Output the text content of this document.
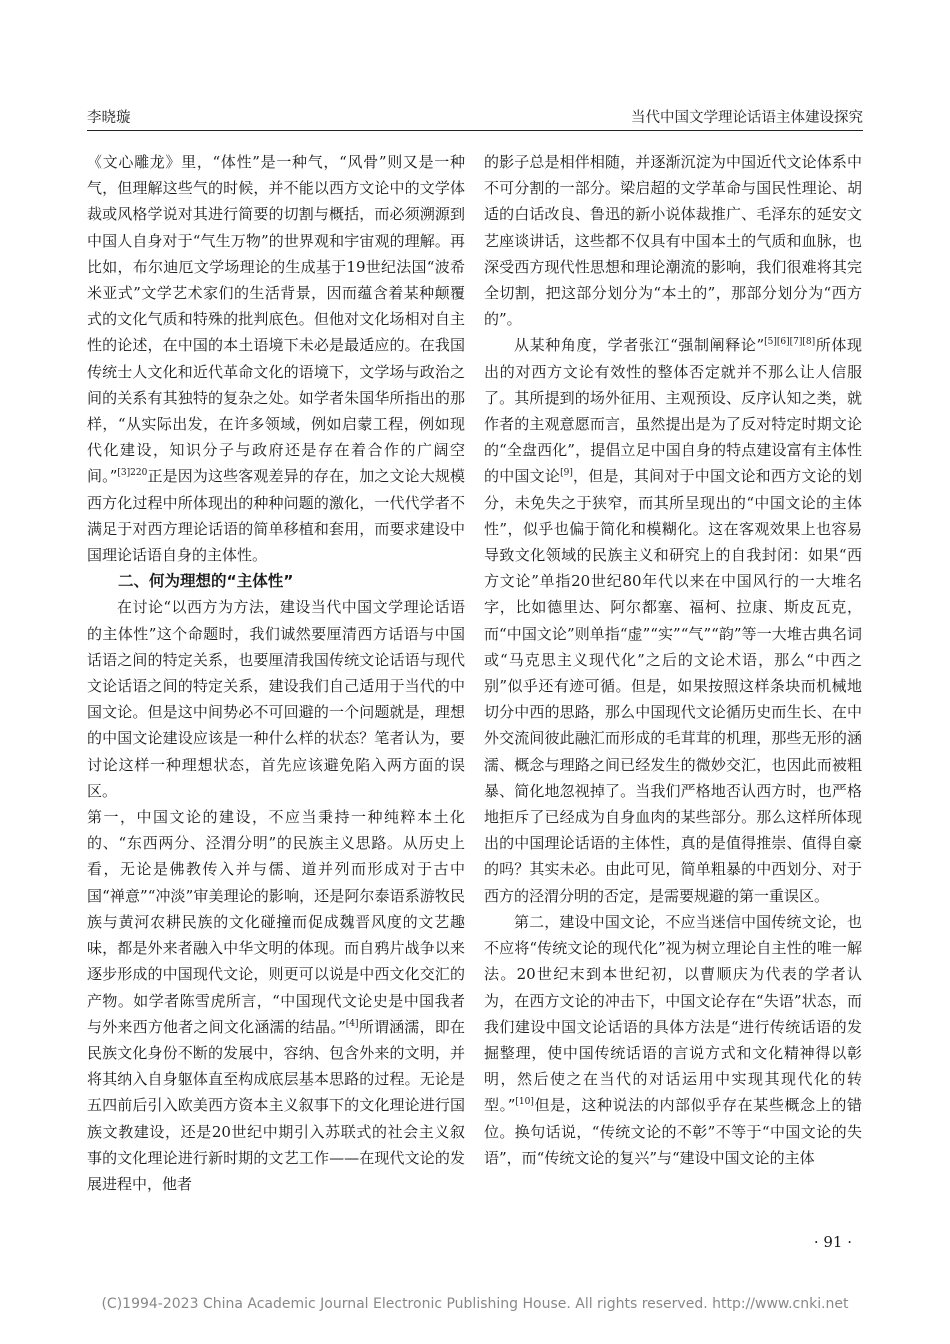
李晓璇	当代中国文学理论话语主体建设探究

《文心雕龙》里，“体性”是一种气，“风骨”则又是一种气，但理解这些气的时候，并不能以西方文论中的文学体裁或风格学说对其进行简要的切割与概括，而必须溯源到中国人自身对于“气生万物”的世界观和宇宙观的理解。再比如，布尔迪厄文学场理论的生成基于19世纪法国“波希米亚式”文学艺术家们的生活背景，因而蕴含着某种颠覆式的文化气质和特殊的批判底色。但他对文化场相对自主性的论述，在中国的本土语境下未必是最适应的。在我国传统士人文化和近代革命文化的语境下，文学场与政治之间的关系有其独特的复杂之处。如学者朱国华所指出的那样，“从实际出发，在许多领域，例如启蒙工程，例如现代化建设，知识分子与政府还是存在着合作的广阔空间。”$^{[3]220}$正是因为这些客观差异的存在，加之文论大规模西方化过程中所体现出的种种问题的激化，一代代学者不满足于对西方理论话语的简单移植和套用，而要求建设中国理论话语自身的主体性。

二、何为理想的“主体性”

在讨论“以西方为方法，建设当代中国文学理论话语的主体性”这个命题时，我们诚然要厘清西方话语与中国话语之间的特定关系，也要厘清我国传统文论话语与现代文论话语之间的特定关系，建设我们自己适用于当代的中国文论。但是这中间势必不可回避的一个问题就是，理想的中国文论建设应该是一种什么样的状态？笔者认为，要讨论这样一种理想状态，首先应该避免陷入两方面的误区。

第一，中国文论的建设，不应当秉持一种纯粹本土化的、“东西两分、泾渭分明”的民族主义思路。从历史上看，无论是佛教传入并与儒、道并列而形成对于古中国“禅意”“冲淡”审美理论的影响，还是阿尔泰语系游牧民族与黄河农耕民族的文化碰撞而促成魏晋风度的文艺趣味，都是外来者融入中华文明的体现。而自鸦片战争以来逐步形成的中国现代文论，则更可以说是中西文化交汇的产物。如学者陈雪虎所言，“中国现代文论史是中国我者与外来西方他者之间文化涵濡的结晶。”[4]所谓涵濡，即在民族文化身份不断的发展中，容纳、包含外来的文明，并将其纳入自身躯体直至构成底层基本思路的过程。无论是五四前后引入欧美西方资本主义叙事下的文化理论进行国族文教建设，还是20世纪中期引入苏联式的社会主义叙事的文化理论进行新时期的文艺工作——在现代文论的发展进程中，他者

的影子总是相伴相随，并逐渐沉淀为中国近代文论体系中不可分割的一部分。梁启超的文学革命与国民性理论、胡适的白话改良、鲁迅的新小说体裁推广、毛泽东的延安文艺座谈讲话，这些都不仅具有中国本土的气质和血脉，也深受西方现代性思想和理论潮流的影响，我们很难将其完全切割，把这部分划分为“本土的”，那部分划分为“西方的”。

从某种角度，学者张江“强制阐释论”[5][6][7][8]所体现出的对西方文论有效性的整体否定就并不那么让人信服了。其所提到的场外征用、主观预设、反序认知之类，就作者的主观意愿而言，虽然提出是为了反对特定时期文论的“全盘西化”，提倡立足中国自身的特点建设富有主体性的中国文论[9]，但是，其间对于中国文论和西方文论的划分，未免失之于狭窄，而其所呈现出的“中国文论的主体性”，似乎也偏于简化和模糊化。这在客观效果上也容易导致文化领域的民族主义和研究上的自我封闭：如果“西方文论”单指20世纪80年代以来在中国风行的一大堆名字，比如德里达、阿尔都塞、福柯、拉康、斯皮瓦克，而“中国文论”则单指“虚”“实”“气”“韵”等一大堆古典名词或“马克思主义现代化”之后的文论术语，那么“中西之别”似乎还有迹可循。但是，如果按照这样条块而机械地切分中西的思路，那么中国现代文论循历史而生长、在中外交流间彼此融汇而形成的毛茸茸的机理，那些无形的涵濡、概念与理路之间已经发生的微妙交汇，也因此而被粗暴、简化地忽视掉了。当我们严格地否认西方时，也严格地拒斥了已经成为自身血肉的某些部分。那么这样所体现出的中国理论话语的主体性，真的是值得推崇、值得自豪的吗？其实未必。由此可见，简单粗暴的中西划分、对于西方的泾渭分明的否定，是需要规避的第一重误区。

第二，建设中国文论，不应当迷信中国传统文论，也不应将“传统文论的现代化”视为树立理论自主性的唯一解法。20世纪末到本世纪初，以曹顺庆为代表的学者认为，在西方文论的冲击下，中国文论存在“失语”状态，而我们建设中国文论话语的具体方法是“进行传统话语的发掘整理，使中国传统话语的言说方式和文化精神得以彰明，然后使之在当代的对话运用中实现其现代化的转型。”[10]但是，这种说法的内部似乎存在某些概念上的错位。换句话说，“传统文论的不彰”不等于“中国文论的失语”，而“传统文论的复兴”与“建设中国文论的主体

· 91 ·
(C)1994-2023 China Academic Journal Electronic Publishing House. All rights reserved. http://www.cnki.net
